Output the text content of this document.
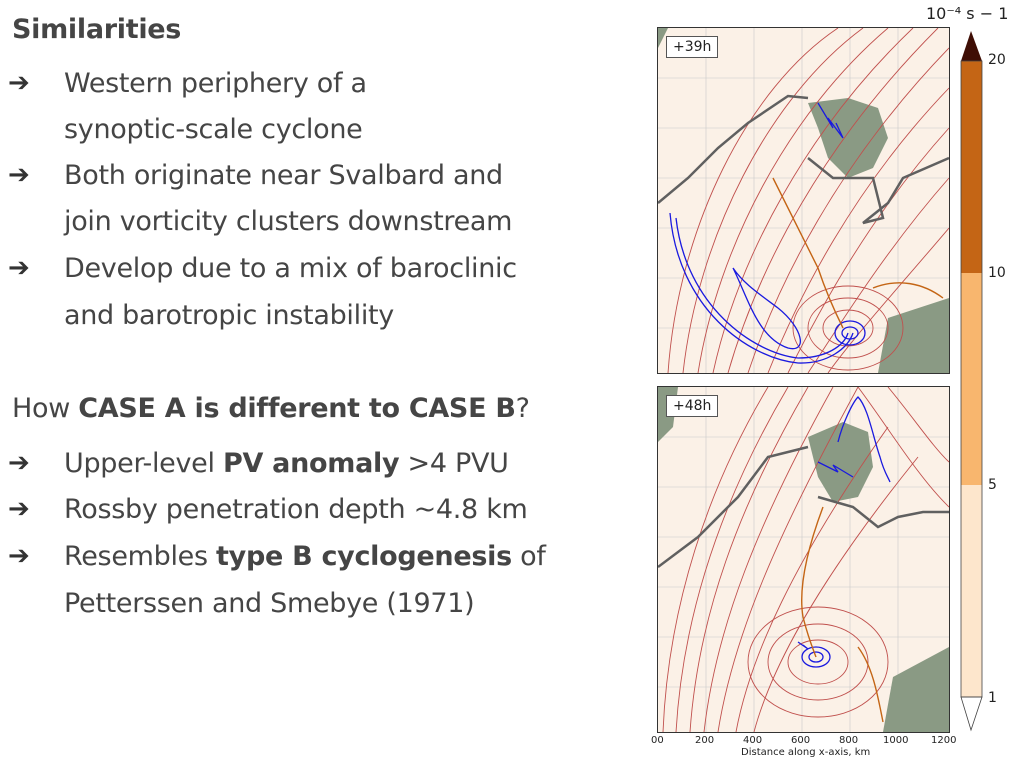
Similarities
➔	Western periphery of a
synoptic-scale cyclone
➔	Both originate near Svalbard and
join vorticity clusters downstream
➔	Develop due to a mix of baroclinic
and barotropic instability
How CASE A is different to CASE B?
➔	Upper-level PV anomaly >4 PVU
➔	Rossby penetration depth ~4.8 km
➔	Resembles type B cyclogenesis of
Petterssen and Smebye (1971)
+39h
+48h
10⁻⁴ s − 1
20
10
5
1
00	200	400	600	800 1000 1200
Distance along x-axis, km
